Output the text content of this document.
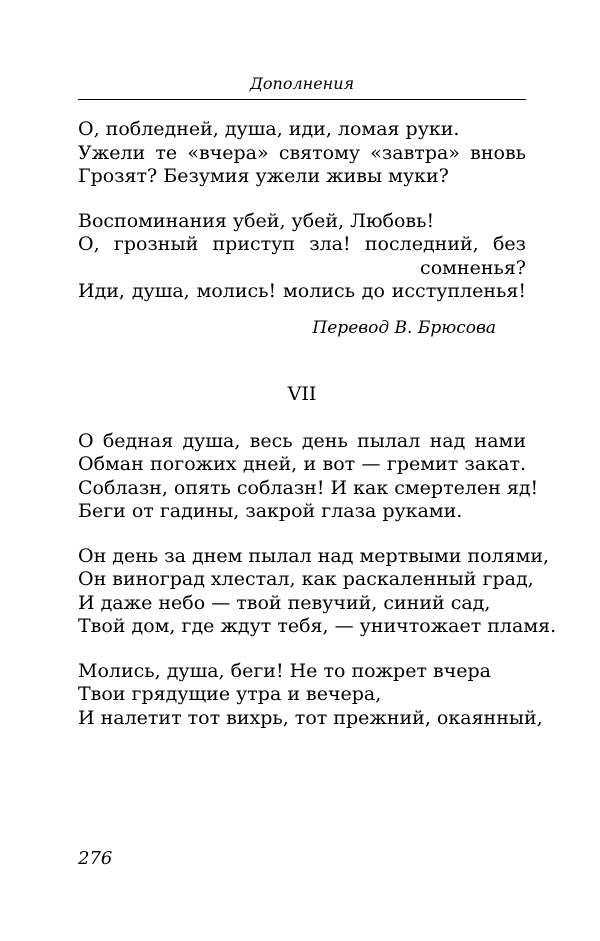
Дополнения
О, побледней, душа, иди, ломая руки.
Ужели те «вчера» святому «завтра» вновь
Грозят? Безумия ужели живы муки?
Воспоминания убей, убей, Любовь!
О, грозный приступ зла! последний, без
сомненья?
Иди, душа, молись! молись до исступленья!
Перевод В. Брюсова
VII
О бедная душа, весь день пылал над нами
Обман погожих дней, и вот — гремит закат.
Соблазн, опять соблазн! И как смертелен яд!
Беги от гадины, закрой глаза руками.
Он день за днем пылал над мертвыми полями,
Он виноград хлестал, как раскаленный град,
И даже небо — твой певучий, синий сад,
Твой дом, где ждут тебя, — уничтожает пламя.
Молись, душа, беги! Не то пожрет вчера
Твои грядущие утра и вечера,
И налетит тот вихрь, тот прежний, окаянный,
276
